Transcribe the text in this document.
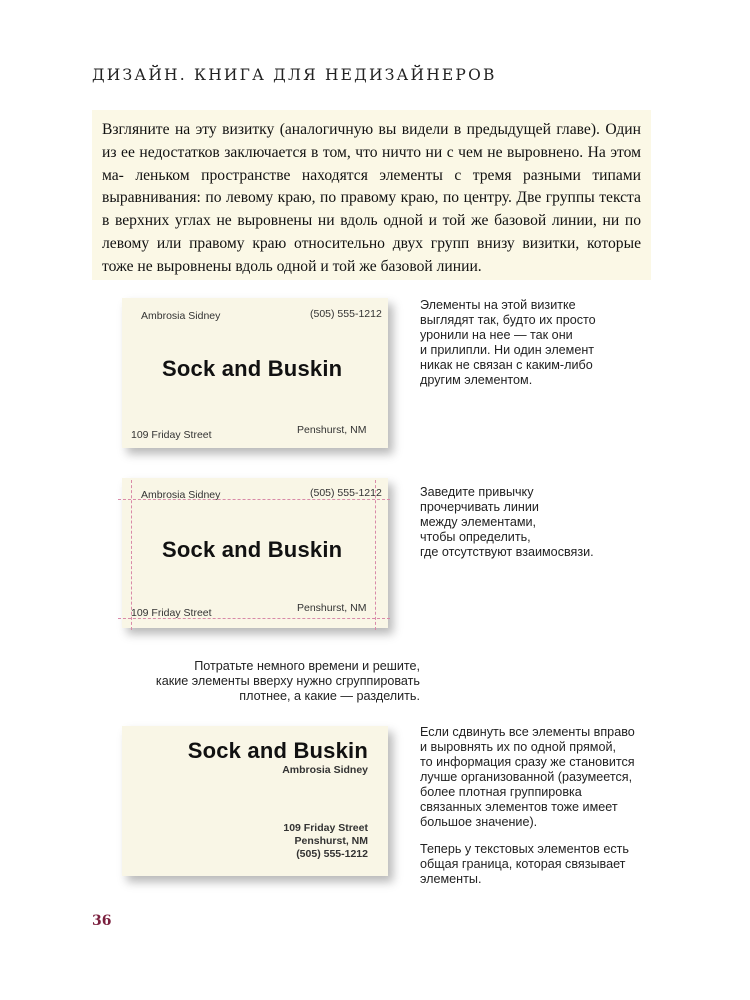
ДИЗАЙН. КНИГА ДЛЯ НЕДИЗАЙНЕРОВ

Взгляните на эту визитку (аналогичную вы видели в предыдущей главе). Один из ее недостатков заключается в том, что ничто ни с чем не выровнено. На этом ма- леньком пространстве находятся элементы с тремя разными типами выравнивания: по левому краю, по правому краю, по центру. Две группы текста в верхних углах не выровнены ни вдоль одной и той же базовой линии, ни по левому или правому краю относительно двух групп внизу визитки, которые тоже не выровнены вдоль одной и той же базовой линии.

Ambrosia Sidney	(505) 555-1212
Sock and Buskin
109 Friday Street	Penshurst, NM
Элементы на этой визитке
выглядят так, будто их просто
уронили на нее — так они
и прилипли. Ни один элемент
никак не связан с каким-либо
другим элементом.
Ambrosia Sidney	(505) 555-1212
Sock and Buskin
109 Friday Street	Penshurst, NM
Заведите привычку
прочерчивать линии
между элементами,
чтобы определить,
где отсутствуют взаимосвязи.
Потратьте немного времени и решите,
какие элементы вверху нужно сгруппировать
плотнее, а какие — разделить.
Sock and Buskin
Ambrosia Sidney
109 Friday Street
Penshurst, NM
(505) 555-1212
Если сдвинуть все элементы вправо
и выровнять их по одной прямой,
то информация сразу же становится
лучше организованной (разумеется,
более плотная группировка
связанных элементов тоже имеет
большое значение).
Теперь у текстовых элементов есть
общая граница, которая связывает
элементы.
36
